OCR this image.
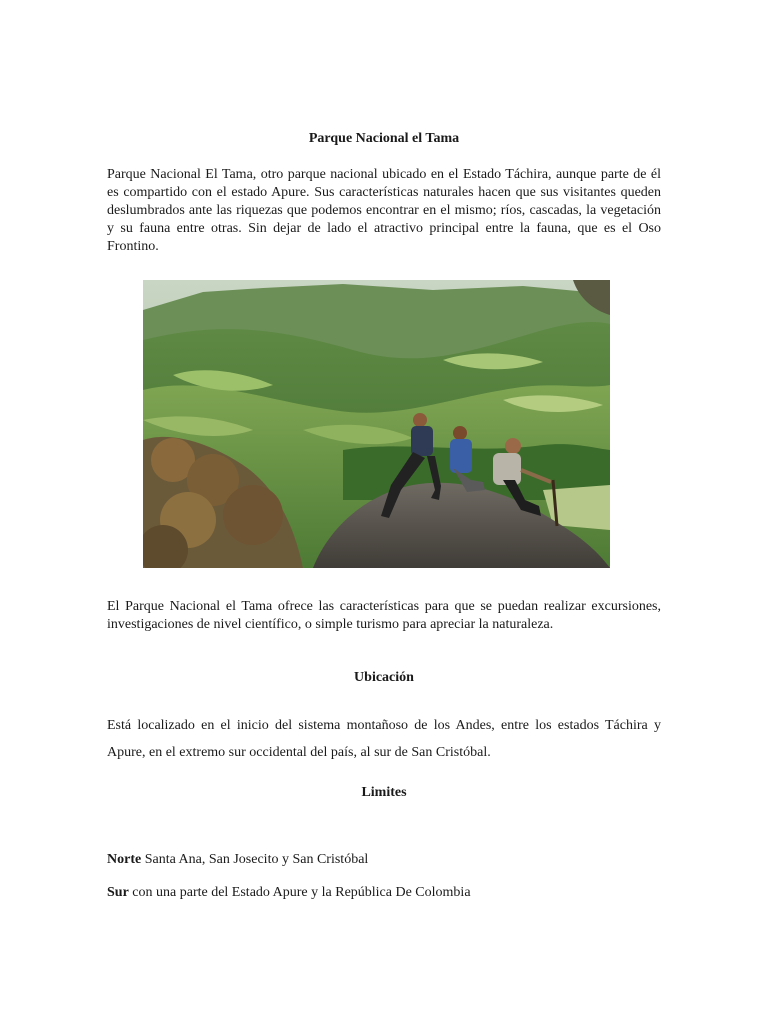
Parque Nacional el Tama

Parque Nacional El Tama, otro parque nacional ubicado en el Estado Táchira, aunque parte de él es compartido con el estado Apure. Sus características naturales hacen que sus visitantes queden deslumbrados ante las riquezas que podemos encontrar en el mismo; ríos, cascadas, la vegetación y su fauna entre otras. Sin dejar de lado el atractivo principal entre la fauna, que es el Oso Frontino.

El Parque Nacional el Tama ofrece las características para que se puedan realizar excursiones, investigaciones de nivel científico, o simple turismo para apreciar la naturaleza.

Ubicación

Está localizado en el inicio del sistema montañoso de los Andes, entre los estados Táchira y Apure, en el extremo sur occidental del país, al sur de San Cristóbal.

Limites
Norte Santa Ana, San Josecito y San Cristóbal
Sur con una parte del Estado Apure y la República De Colombia
